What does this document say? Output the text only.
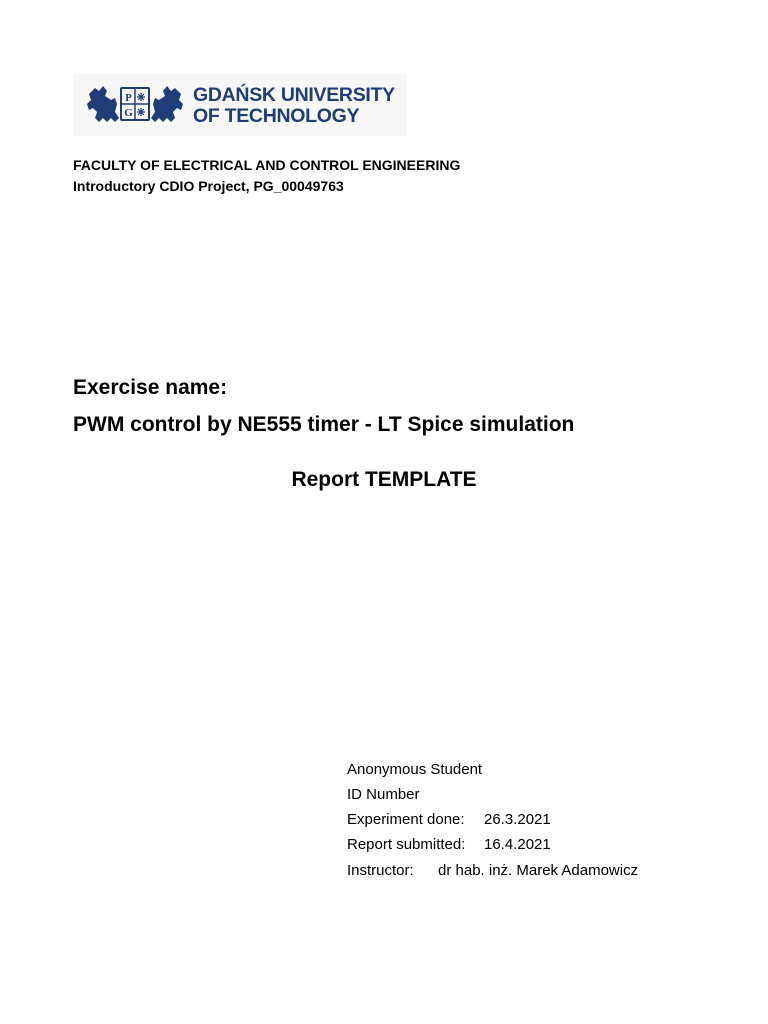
P
G
GDAŃSK UNIVERSITY
OF TECHNOLOGY
FACULTY OF ELECTRICAL AND CONTROL ENGINEERING
Introductory CDIO Project, PG_00049763
Exercise name:
PWM control by NE555 timer - LT Spice simulation
Report TEMPLATE
Anonymous Student
ID Number
Experiment done: 26.3.2021
Report submitted: 16.4.2021
Instructor: dr hab. inż. Marek Adamowicz
